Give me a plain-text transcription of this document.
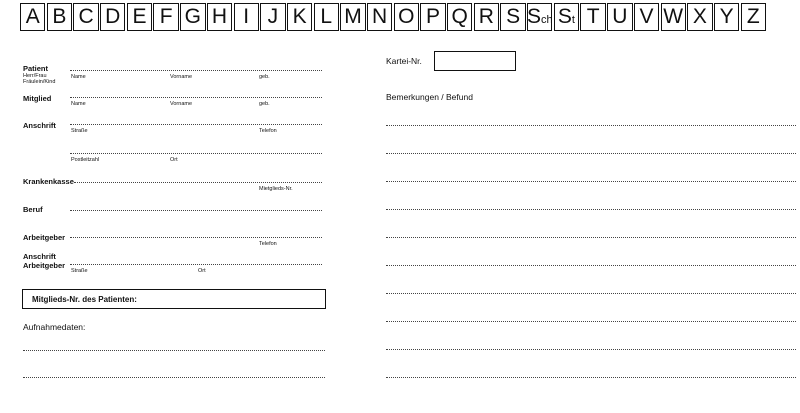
A B C D E F G H I J K L M N O P Q R S S ch S t T U V W X Y Z
Patient
Herr/Frau
Fräulein/Kind
Name	Vorname	geb.
Mitglied
Name	Vorname	geb.
Anschrift
Straße	Telefon
Postleitzahl	Ort
Krankenkasse
Mietglieds-Nr.
Beruf
Arbeitgeber
Telefon
Anschrift
Arbeitgeber
Straße	Ort
Mitglieds-Nr. des Patienten:
Aufnahmedaten:
Kartei-Nr.
Bemerkungen / Befund
